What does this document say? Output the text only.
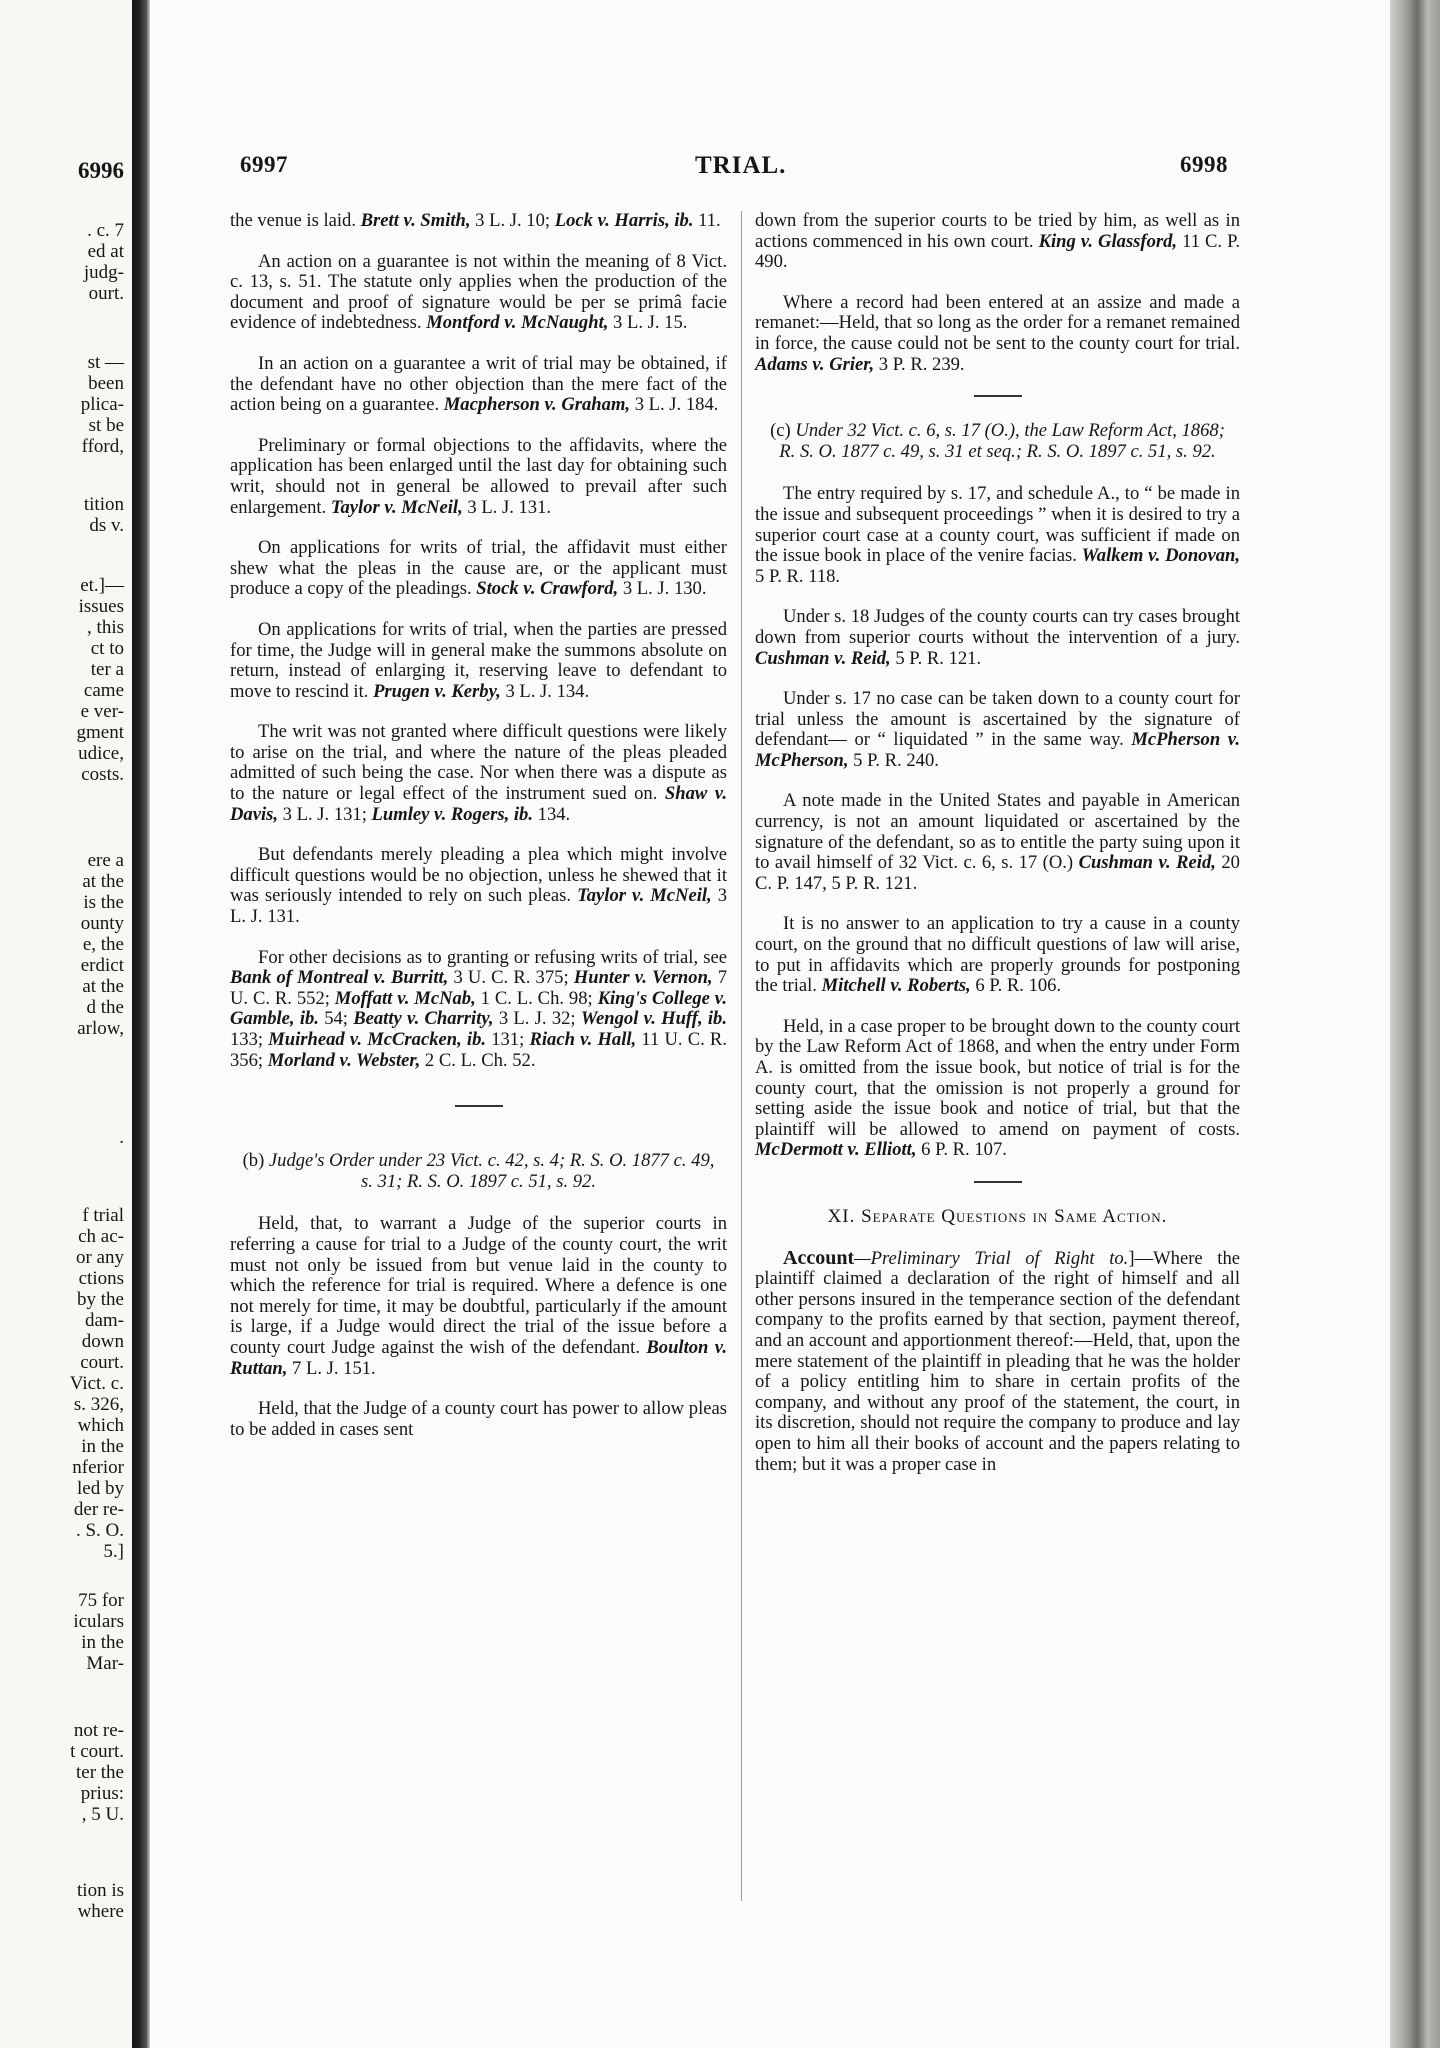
6996
. c. 7
ed at
judg-
ourt.
st —
been
plica-
st be
fford,
tition
ds v.
et.]—
issues
, this
ct to
ter a
came
e ver-
gment
udice,
costs.
ere a
at the
is the
ounty
e, the
erdict
at the
d the
arlow,
.
f trial
ch ac-
or any
ctions
by the
dam-
down
court.
Vict. c.
s. 326,
which
in the
nferior
led by
der re-
. S. O.
5.]
75 for
iculars
in the
Mar-
not re-
t court.
ter the
prius:
, 5 U.
tion is
where
6997	TRIAL.	6998

the venue is laid. Brett v. Smith, 3 L. J. 10; Lock v. Harris, ib. 11.

An action on a guarantee is not within the meaning of 8 Vict. c. 13, s. 51. The statute only applies when the production of the document and proof of signature would be per se primâ facie evidence of indebtedness. Montford v. McNaught, 3 L. J. 15.

In an action on a guarantee a writ of trial may be obtained, if the defendant have no other objection than the mere fact of the action being on a guarantee. Macpherson v. Graham, 3 L. J. 184.

Preliminary or formal objections to the affidavits, where the application has been enlarged until the last day for obtaining such writ, should not in general be allowed to prevail after such enlargement. Taylor v. McNeil, 3 L. J. 131.

On applications for writs of trial, the affidavit must either shew what the pleas in the cause are, or the applicant must produce a copy of the pleadings. Stock v. Crawford, 3 L. J. 130.

On applications for writs of trial, when the parties are pressed for time, the Judge will in general make the summons absolute on return, instead of enlarging it, reserving leave to defendant to move to rescind it. Prugen v. Kerby, 3 L. J. 134.

The writ was not granted where difficult questions were likely to arise on the trial, and where the nature of the pleas pleaded admitted of such being the case. Nor when there was a dispute as to the nature or legal effect of the instrument sued on. Shaw v. Davis, 3 L. J. 131; Lumley v. Rogers, ib. 134.

But defendants merely pleading a plea which might involve difficult questions would be no objection, unless he shewed that it was seriously intended to rely on such pleas. Taylor v. McNeil, 3 L. J. 131.

For other decisions as to granting or refusing writs of trial, see Bank of Montreal v. Burritt, 3 U. C. R. 375; Hunter v. Vernon, 7 U. C. R. 552; Moffatt v. McNab, 1 C. L. Ch. 98; King's College v. Gamble, ib. 54; Beatty v. Charrity, 3 L. J. 32; Wengol v. Huff, ib. 133; Muirhead v. McCracken, ib. 131; Riach v. Hall, 11 U. C. R. 356; Morland v. Webster, 2 C. L. Ch. 52.

(b) Judge's Order under 23 Vict. c. 42, s. 4; R. S. O. 1877 c. 49, s. 31; R. S. O. 1897 c. 51, s. 92.

Held, that, to warrant a Judge of the superior courts in referring a cause for trial to a Judge of the county court, the writ must not only be issued from but venue laid in the county to which the reference for trial is required. Where a defence is one not merely for time, it may be doubtful, particularly if the amount is large, if a Judge would direct the trial of the issue before a county court Judge against the wish of the defendant. Boulton v. Ruttan, 7 L. J. 151.

Held, that the Judge of a county court has power to allow pleas to be added in cases sent

down from the superior courts to be tried by him, as well as in actions commenced in his own court. King v. Glassford, 11 C. P. 490.

Where a record had been entered at an assize and made a remanet:—Held, that so long as the order for a remanet remained in force, the cause could not be sent to the county court for trial. Adams v. Grier, 3 P. R. 239.

(c) Under 32 Vict. c. 6, s. 17 (O.), the Law Reform Act, 1868; R. S. O. 1877 c. 49, s. 31 et seq.; R. S. O. 1897 c. 51, s. 92.

The entry required by s. 17, and schedule A., to “ be made in the issue and subsequent proceedings ” when it is desired to try a superior court case at a county court, was sufficient if made on the issue book in place of the venire facias. Walkem v. Donovan, 5 P. R. 118.

Under s. 18 Judges of the county courts can try cases brought down from superior courts without the intervention of a jury. Cushman v. Reid, 5 P. R. 121.

Under s. 17 no case can be taken down to a county court for trial unless the amount is ascertained by the signature of defendant— or “ liquidated ” in the same way. McPherson v. McPherson, 5 P. R. 240.

A note made in the United States and payable in American currency, is not an amount liquidated or ascertained by the signature of the defendant, so as to entitle the party suing upon it to avail himself of 32 Vict. c. 6, s. 17 (O.) Cushman v. Reid, 20 C. P. 147, 5 P. R. 121.

It is no answer to an application to try a cause in a county court, on the ground that no difficult questions of law will arise, to put in affidavits which are properly grounds for postponing the trial. Mitchell v. Roberts, 6 P. R. 106.

Held, in a case proper to be brought down to the county court by the Law Reform Act of 1868, and when the entry under Form A. is omitted from the issue book, but notice of trial is for the county court, that the omission is not properly a ground for setting aside the issue book and notice of trial, but that the plaintiff will be allowed to amend on payment of costs. McDermott v. Elliott, 6 P. R. 107.

XI. Separate Questions in Same Action.

Account—Preliminary Trial of Right to.]—Where the plaintiff claimed a declaration of the right of himself and all other persons insured in the temperance section of the defendant company to the profits earned by that section, payment thereof, and an account and apportionment thereof:—Held, that, upon the mere statement of the plaintiff in pleading that he was the holder of a policy entitling him to share in certain profits of the company, and without any proof of the statement, the court, in its discretion, should not require the company to produce and lay open to him all their books of account and the papers relating to them; but it was a proper case in
